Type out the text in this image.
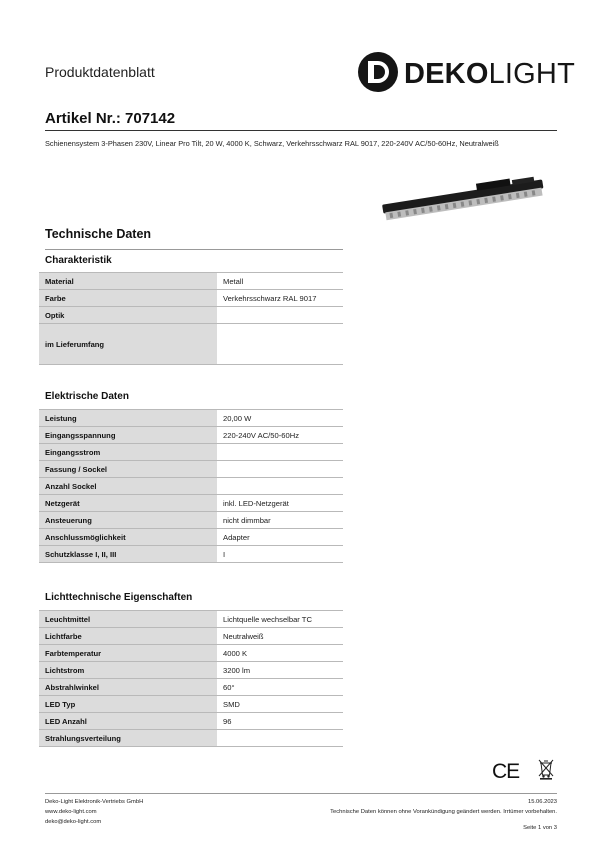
Produktdatenblatt	DEKOLIGHT
Artikel Nr.: 707142
Schienensystem 3-Phasen 230V, Linear Pro Tilt, 20 W, 4000 K, Schwarz, Verkehrsschwarz RAL 9017, 220-240V AC/50-60Hz, Neutralweiß
Technische Daten
Charakteristik
Material	Metall
Farbe	Verkehrsschwarz RAL 9017
Optik	
im Lieferumfang	
Elektrische Daten
Leistung	20,00 W
Eingangsspannung	220-240V AC/50-60Hz
Eingangsstrom	
Fassung / Sockel	
Anzahl Sockel	
Netzgerät	inkl. LED-Netzgerät
Ansteuerung	nicht dimmbar
Anschlussmöglichkeit	Adapter
Schutzklasse I, II, III	I
Lichttechnische Eigenschaften
Leuchtmittel	Lichtquelle wechselbar TC
Lichtfarbe	Neutralweiß
Farbtemperatur	4000 K
Lichtstrom	3200 lm
Abstrahlwinkel	60°
LED Typ	SMD
LED Anzahl	96
Strahlungsverteilung	
CE
Deko-Light Elektronik-Vertriebs GmbH
www.deko-light.com
deko@deko-light.com
15.06.2023
Technische Daten können ohne Vorankündigung geändert werden. Irrtümer vorbehalten.
Seite 1 von 3
